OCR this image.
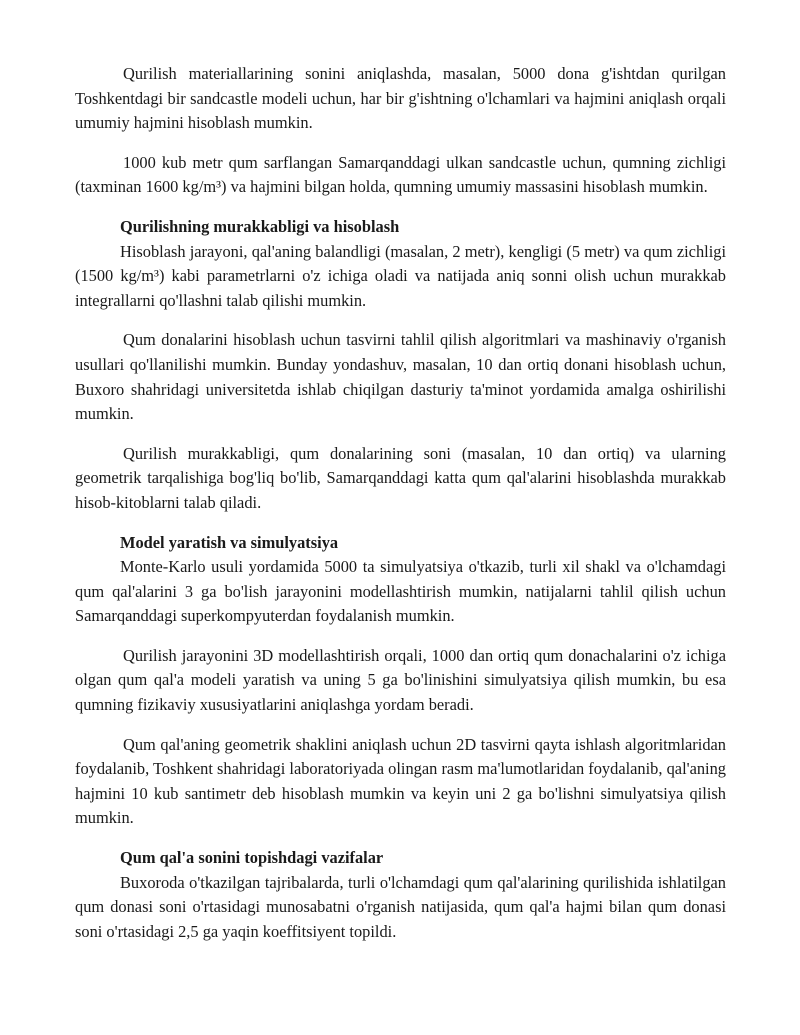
Qurilish materiallarining sonini aniqlashda, masalan, 5000 dona g'ishtdan qurilgan Toshkentdagi bir sandcastle modeli uchun, har bir g'ishtning o'lchamlari va hajmini aniqlash orqali umumiy hajmini hisoblash mumkin.

1000 kub metr qum sarflangan Samarqanddagi ulkan sandcastle uchun, qumning zichligi (taxminan 1600 kg/m³) va hajmini bilgan holda, qumning umumiy massasini hisoblash mumkin.

Qurilishning murakkabligi va hisoblash

Hisoblash jarayoni, qal'aning balandligi (masalan, 2 metr), kengligi (5 metr) va qum zichligi (1500 kg/m³) kabi parametrlarni o'z ichiga oladi va natijada aniq sonni olish uchun murakkab integrallarni qo'llashni talab qilishi mumkin.

Qum donalarini hisoblash uchun tasvirni tahlil qilish algoritmlari va mashinaviy o'rganish usullari qo'llanilishi mumkin. Bunday yondashuv, masalan, 10 dan ortiq donani hisoblash uchun, Buxoro shahridagi universitetda ishlab chiqilgan dasturiy ta'minot yordamida amalga oshirilishi mumkin.

Qurilish murakkabligi, qum donalarining soni (masalan, 10 dan ortiq) va ularning geometrik tarqalishiga bog'liq bo'lib, Samarqanddagi katta qum qal'alarini hisoblashda murakkab hisob-kitoblarni talab qiladi.

Model yaratish va simulyatsiya

Monte-Karlo usuli yordamida 5000 ta simulyatsiya o'tkazib, turli xil shakl va o'lchamdagi qum qal'alarini 3 ga bo'lish jarayonini modellashtirish mumkin, natijalarni tahlil qilish uchun Samarqanddagi superkompyuterdan foydalanish mumkin.

Qurilish jarayonini 3D modellashtirish orqali, 1000 dan ortiq qum donachalarini o'z ichiga olgan qum qal'a modeli yaratish va uning 5 ga bo'linishini simulyatsiya qilish mumkin, bu esa qumning fizikaviy xususiyatlarini aniqlashga yordam beradi.

Qum qal'aning geometrik shaklini aniqlash uchun 2D tasvirni qayta ishlash algoritmlaridan foydalanib, Toshkent shahridagi laboratoriyada olingan rasm ma'lumotlaridan foydalanib, qal'aning hajmini 10 kub santimetr deb hisoblash mumkin va keyin uni 2 ga bo'lishni simulyatsiya qilish mumkin.

Qum qal'a sonini topishdagi vazifalar

Buxoroda o'tkazilgan tajribalarda, turli o'lchamdagi qum qal'alarining qurilishida ishlatilgan qum donasi soni o'rtasidagi munosabatni o'rganish natijasida, qum qal'a hajmi bilan qum donasi soni o'rtasidagi 2,5 ga yaqin koeffitsiyent topildi.
